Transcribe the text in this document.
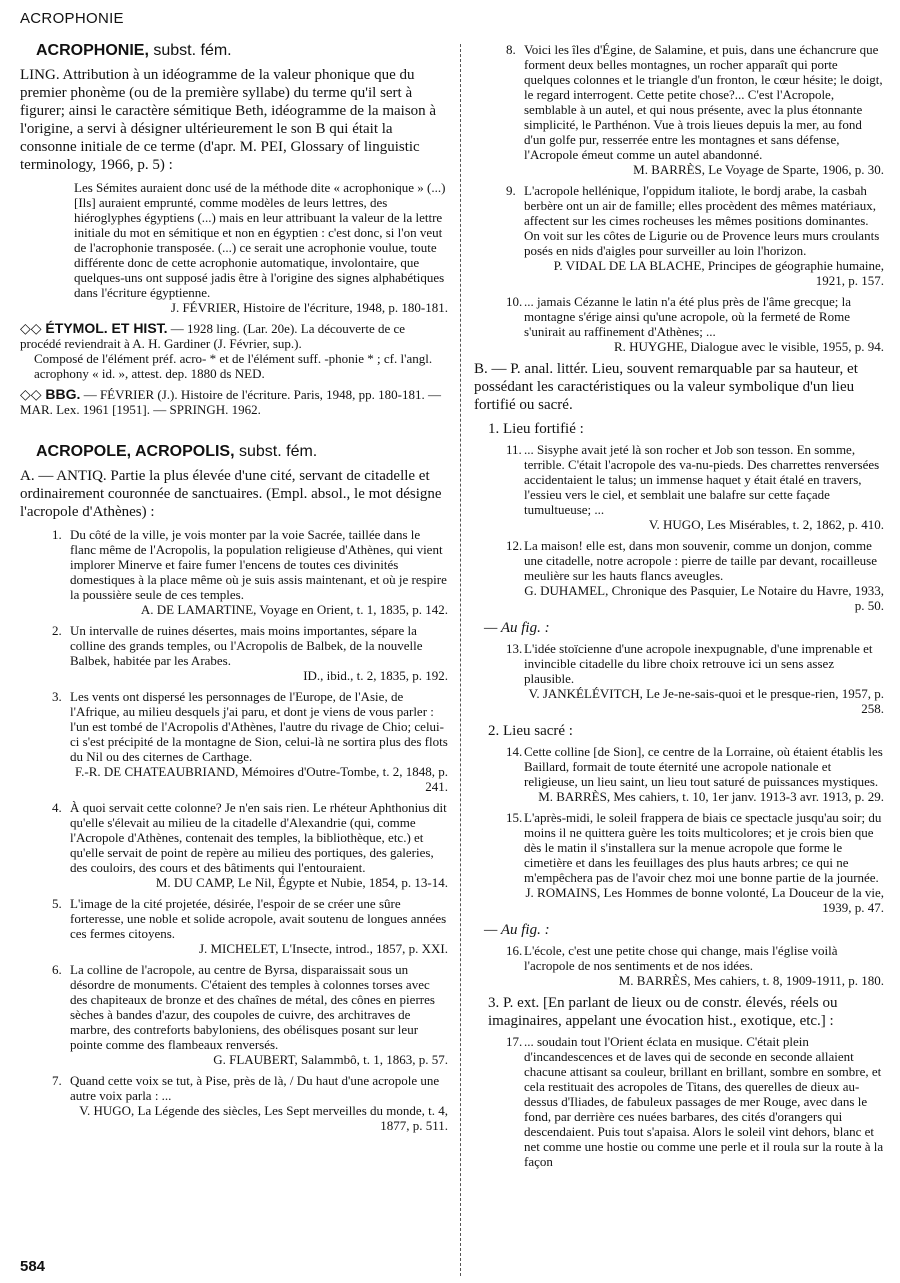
ACROPHONIE
ACROPHONIE, subst. fém.

LING. Attribution à un idéogramme de la valeur phonique que du premier phonème (ou de la première syllabe) du terme qu'il sert à figurer; ainsi le caractère sémitique Beth, idéogramme de la maison à l'origine, a servi à désigner ultérieurement le son B qui était la consonne initiale de ce terme (d'apr. M. PEI, Glossary of linguistic terminology, 1966, p. 5) :

Les Sémites auraient donc usé de la méthode dite « acrophonique » (...) [Ils] auraient emprunté, comme modèles de leurs lettres, des hiéroglyphes égyptiens (...) mais en leur attribuant la valeur de la lettre initiale du mot en sémitique et non en égyptien : c'est donc, si l'on veut de l'acrophonie transposée. (...) ce serait une acrophonie voulue, toute différente donc de cette acrophonie automatique, involontaire, que quelques-uns ont supposé jadis être à l'origine des signes alphabétiques dans l'écriture égyptienne.
J. FÉVRIER, Histoire de l'écriture, 1948, p. 180-181.
◇◇ ÉTYMOL. ET HIST. — 1928 ling. (Lar. 20e). La découverte de ce procédé reviendrait à A. H. Gardiner (J. Février, sup.).
Composé de l'élément préf. acro- * et de l'élément suff. -phonie * ; cf. l'angl. acrophony « id. », attest. dep. 1880 ds NED.
◇◇ BBG. — FÉVRIER (J.). Histoire de l'écriture. Paris, 1948, pp. 180-181. — MAR. Lex. 1961 [1951]. — SPRINGH. 1962.
ACROPOLE, ACROPOLIS, subst. fém.

A. — ANTIQ. Partie la plus élevée d'une cité, servant de citadelle et ordinairement couronnée de sanctuaires. (Empl. absol., le mot désigne l'acropole d'Athènes) :

1. Du côté de la ville, je vois monter par la voie Sacrée, taillée dans le flanc même de l'Acropolis, la population religieuse d'Athènes, qui vient implorer Minerve et faire fumer l'encens de toutes ces divinités domestiques à la place même où je suis assis maintenant, et où je respire la poussière seule de ces temples.
A. DE LAMARTINE, Voyage en Orient, t. 1, 1835, p. 142.
2. Un intervalle de ruines désertes, mais moins importantes, sépare la colline des grands temples, ou l'Acropolis de Balbek, de la nouvelle Balbek, habitée par les Arabes.
ID., ibid., t. 2, 1835, p. 192.
3. Les vents ont dispersé les personnages de l'Europe, de l'Asie, de l'Afrique, au milieu desquels j'ai paru, et dont je viens de vous parler : l'un est tombé de l'Acropolis d'Athènes, l'autre du rivage de Chio; celui-ci s'est précipité de la montagne de Sion, celui-là ne sortira plus des flots du Nil ou des citernes de Carthage.
F.-R. DE CHATEAUBRIAND, Mémoires d'Outre-Tombe, t. 2, 1848, p. 241.
4. À quoi servait cette colonne? Je n'en sais rien. Le rhéteur Aphthonius dit qu'elle s'élevait au milieu de la citadelle d'Alexandrie (qui, comme l'Acropole d'Athènes, contenait des temples, la bibliothèque, etc.) et qu'elle servait de point de repère au milieu des portiques, des galeries, des couloirs, des cours et des bâtiments qui l'entouraient.
M. DU CAMP, Le Nil, Égypte et Nubie, 1854, p. 13-14.
5. L'image de la cité projetée, désirée, l'espoir de se créer une sûre forteresse, une noble et solide acropole, avait soutenu de longues années ces fermes citoyens.
J. MICHELET, L'Insecte, introd., 1857, p. XXI.
6. La colline de l'acropole, au centre de Byrsa, disparaissait sous un désordre de monuments. C'étaient des temples à colonnes torses avec des chapiteaux de bronze et des chaînes de métal, des cônes en pierres sèches à bandes d'azur, des coupoles de cuivre, des architraves de marbre, des contreforts babyloniens, des obélisques posant sur leur pointe comme des flambeaux renversés.
G. FLAUBERT, Salammbô, t. 1, 1863, p. 57.
7. Quand cette voix se tut, à Pise, près de là, / Du haut d'une acropole une autre voix parla : ...
V. HUGO, La Légende des siècles, Les Sept merveilles du monde, t. 4, 1877, p. 511.
8. Voici les îles d'Égine, de Salamine, et puis, dans une échancrure que forment deux belles montagnes, un rocher apparaît qui porte quelques colonnes et le triangle d'un fronton, le cœur hésite; le doigt, le regard interrogent. Cette petite chose?... C'est l'Acropole, semblable à un autel, et qui nous présente, avec la plus étonnante simplicité, le Parthénon. Vue à trois lieues depuis la mer, au fond d'un golfe pur, resserrée entre les montagnes et sans défense, l'Acropole émeut comme un autel abandonné.
M. BARRÈS, Le Voyage de Sparte, 1906, p. 30.
9. L'acropole hellénique, l'oppidum italiote, le bordj arabe, la casbah berbère ont un air de famille; elles procèdent des mêmes matériaux, affectent sur les cimes rocheuses les mêmes positions dominantes. On voit sur les côtes de Ligurie ou de Provence leurs murs croulants posés en nids d'aigles pour surveiller au loin l'horizon.
P. VIDAL DE LA BLACHE, Principes de géographie humaine, 1921, p. 157.
10. ... jamais Cézanne le latin n'a été plus près de l'âme grecque; la montagne s'érige ainsi qu'une acropole, où la fermeté de Rome s'unirait au raffinement d'Athènes; ...
R. HUYGHE, Dialogue avec le visible, 1955, p. 94.

B. — P. anal. littér. Lieu, souvent remarquable par sa hauteur, et possédant les caractéristiques ou la valeur symbolique d'un lieu fortifié ou sacré.

1. Lieu fortifié :
11. ... Sisyphe avait jeté là son rocher et Job son tesson. En somme, terrible. C'était l'acropole des va-nu-pieds. Des charrettes renversées accidentaient le talus; un immense haquet y était étalé en travers, l'essieu vers le ciel, et semblait une balafre sur cette façade tumultueuse; ...
V. HUGO, Les Misérables, t. 2, 1862, p. 410.
12. La maison! elle est, dans mon souvenir, comme un donjon, comme une citadelle, notre acropole : pierre de taille par devant, rocailleuse meulière sur les hauts flancs aveugles.
G. DUHAMEL, Chronique des Pasquier, Le Notaire du Havre, 1933, p. 50.
— Au fig. :
13. L'idée stoïcienne d'une acropole inexpugnable, d'une imprenable et invincible citadelle du libre choix retrouve ici un sens assez plausible.
V. JANKÉLÉVITCH, Le Je-ne-sais-quoi et le presque-rien, 1957, p. 258.
2. Lieu sacré :
14. Cette colline [de Sion], ce centre de la Lorraine, où étaient établis les Baillard, formait de toute éternité une acropole nationale et religieuse, un lieu saint, un lieu tout saturé de puissances mystiques.
M. BARRÈS, Mes cahiers, t. 10, 1er janv. 1913-3 avr. 1913, p. 29.
15. L'après-midi, le soleil frappera de biais ce spectacle jusqu'au soir; du moins il ne quittera guère les toits multicolores; et je crois bien que dès le matin il s'installera sur la menue acropole que forme le cimetière et dans les feuillages des plus hauts arbres; ce qui ne m'empêchera pas de l'avoir chez moi une bonne partie de la journée.
J. ROMAINS, Les Hommes de bonne volonté, La Douceur de la vie, 1939, p. 47.
— Au fig. :
16. L'école, c'est une petite chose qui change, mais l'église voilà l'acropole de nos sentiments et de nos idées.
M. BARRÈS, Mes cahiers, t. 8, 1909-1911, p. 180.
3. P. ext. [En parlant de lieux ou de constr. élevés, réels ou imaginaires, appelant une évocation hist., exotique, etc.] :
17. ... soudain tout l'Orient éclata en musique. C'était plein d'incandescences et de laves qui de seconde en seconde allaient chacune attisant sa couleur, brillant en brillant, sombre en sombre, et cela restituait des acropoles de Titans, des querelles de dieux au-dessus d'Iliades, de fabuleux passages de mer Rouge, avec dans le fond, par derrière ces nuées barbares, des cités d'orangers qui descendaient. Puis tout s'apaisa. Alors le soleil vint dehors, blanc et net comme une hostie ou comme une perle et il roula sur la route à la façon
584
